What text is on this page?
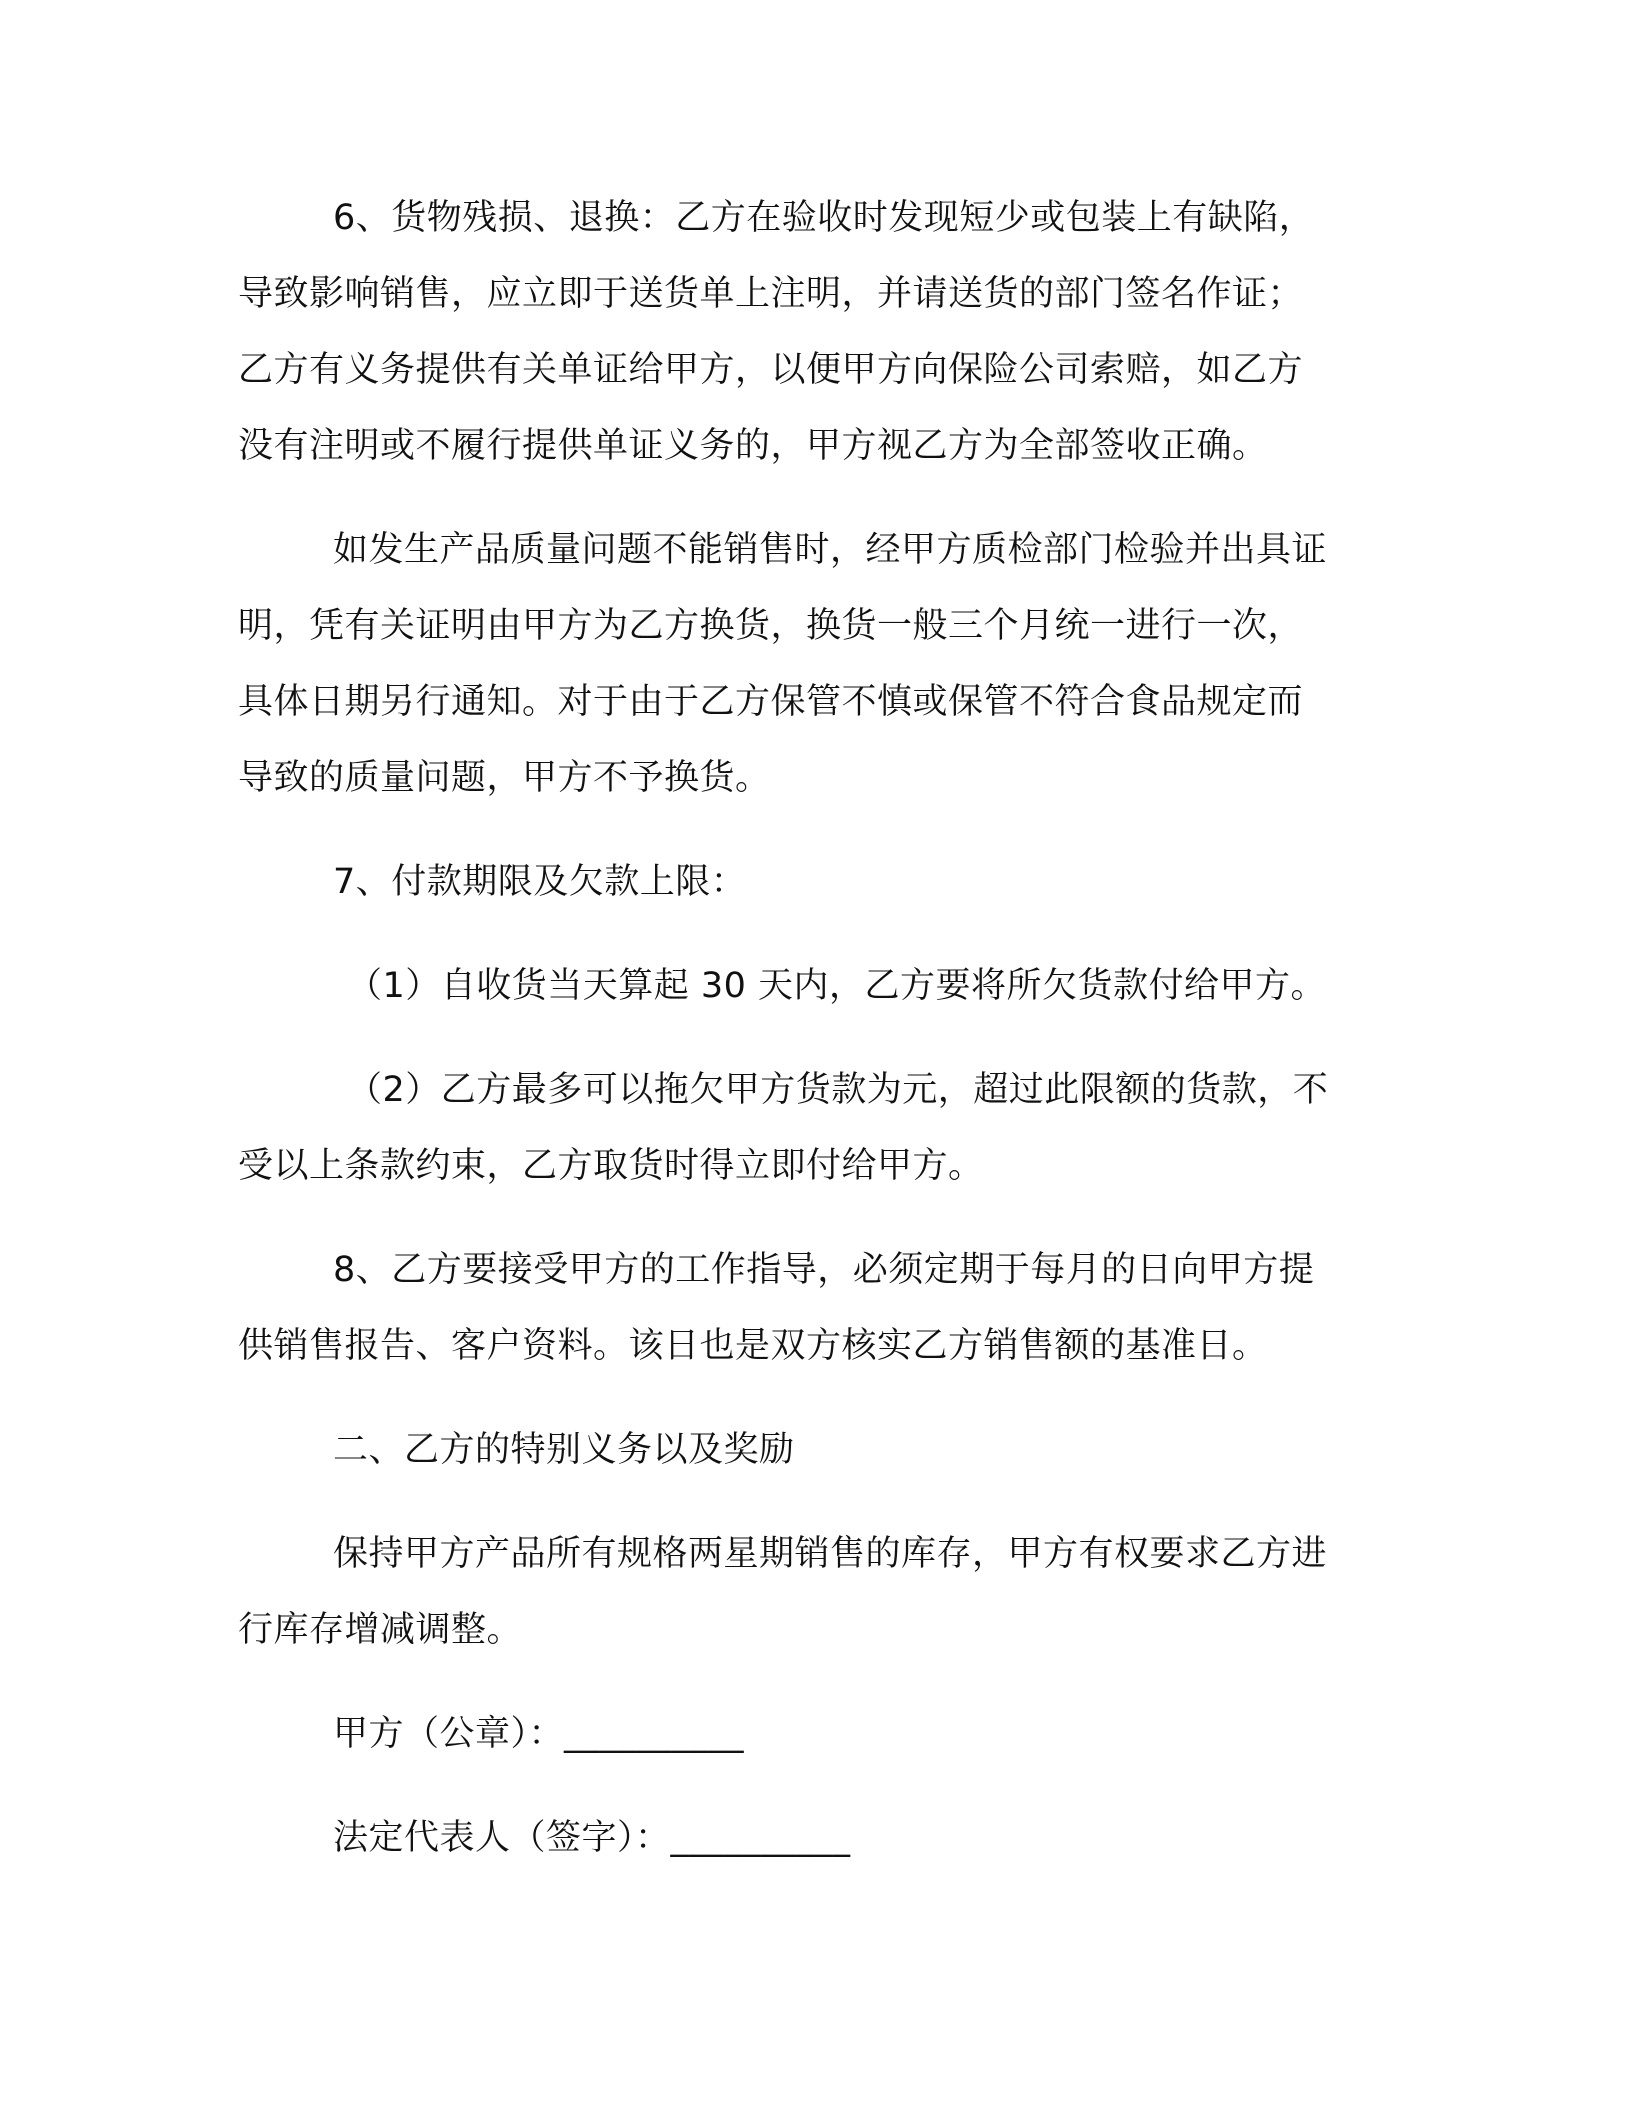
6、货物残损、退换：乙方在验收时发现短少或包装上有缺陷，

导致影响销售，应立即于送货单上注明，并请送货的部门签名作证；

乙方有义务提供有关单证给甲方，以便甲方向保险公司索赔，如乙方

没有注明或不履行提供单证义务的，甲方视乙方为全部签收正确。

如发生产品质量问题不能销售时，经甲方质检部门检验并出具证

明，凭有关证明由甲方为乙方换货，换货一般三个月统一进行一次，

具体日期另行通知。对于由于乙方保管不慎或保管不符合食品规定而

导致的质量问题，甲方不予换货。

7、付款期限及欠款上限：

（1）自收货当天算起 30 天内，乙方要将所欠货款付给甲方。

（2）乙方最多可以拖欠甲方货款为元，超过此限额的货款，不

受以上条款约束，乙方取货时得立即付给甲方。

8、乙方要接受甲方的工作指导，必须定期于每月的日向甲方提

供销售报告、客户资料。该日也是双方核实乙方销售额的基准日。

二、乙方的特别义务以及奖励

保持甲方产品所有规格两星期销售的库存，甲方有权要求乙方进

行库存增减调整。

甲方（公章）：__________

法定代表人（签字）：__________
